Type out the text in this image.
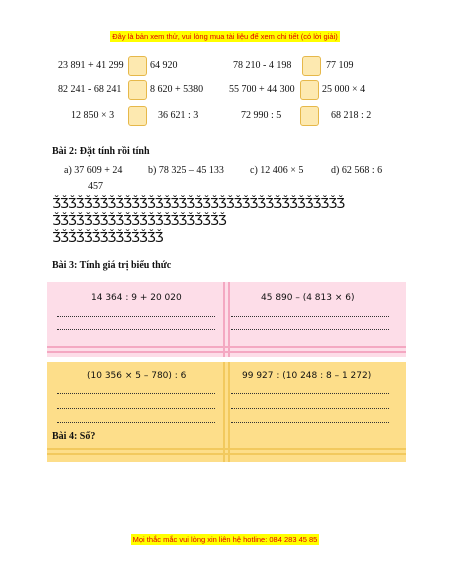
Đây là bản xem thử, vui lòng mua tài liệu để xem chi tiết (có lời giải)
23 891 + 41 299	64 920	78 210 - 4 198	77 109
82 241 - 68 241	8 620 + 5380	55 700 + 44 300	25 000 × 4
12 850 × 3	36 621 : 3	72 990 : 5	68 218 : 2
Bài 2: Đặt tính rồi tính
a) 37 609 + 24	b) 78 325 – 45 133	c) 12 406 × 5	d) 62 568 : 6
457
ǮǮǮǮǮǮǮǮǮǮǮǮǮǮǮǮǮǮǮǮǮǮǮǮǮǮǮǮǮǮǮǮǮǮǮǮǮ
ǮǮǮǮǮǮǮǮǮǮǮǮǮǮǮǮǮǮǮǮǮǮ
ǮǮǮǮǮǮǮǮǮǮǮǮǮǮ
Bài 3: Tính giá trị biểu thức
14 364 : 9 + 20 020	45 890 – (4 813 × 6)
(10 356 × 5 – 780) : 6	99 927 : (10 248 : 8 – 1 272)
Bài 4: Số?
Mọi thắc mắc vui lòng xin liên hệ hotline: 084 283 45 85
